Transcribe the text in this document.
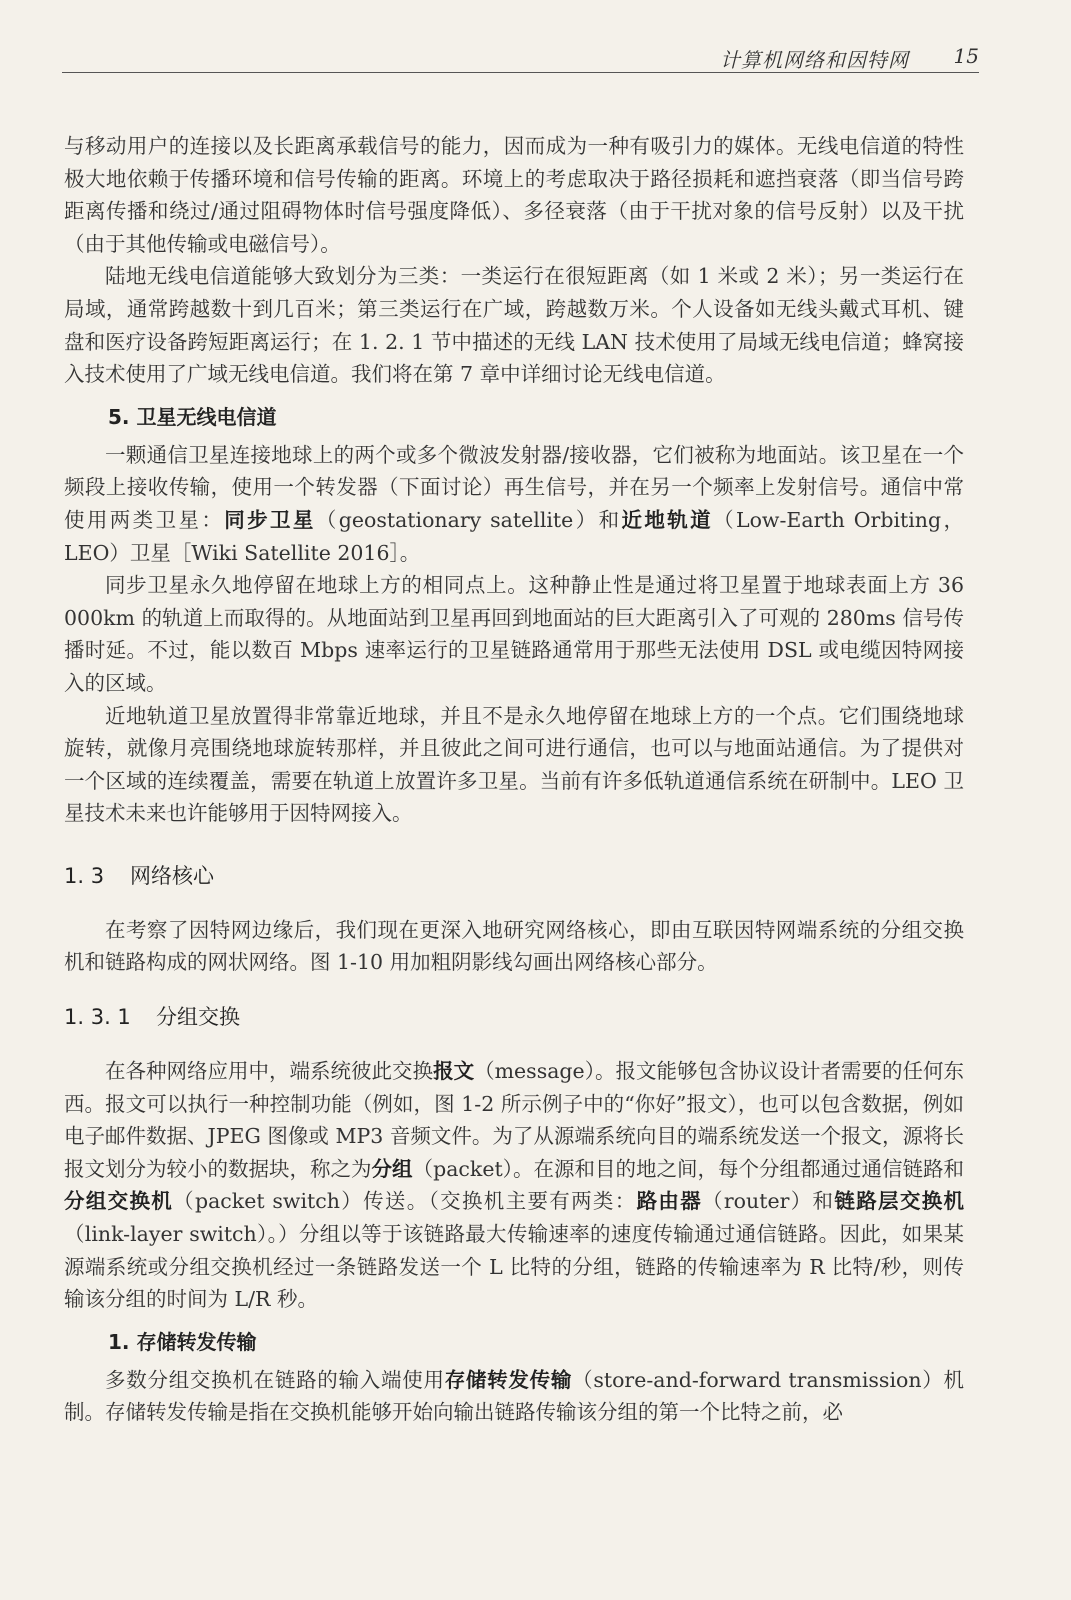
计算机网络和因特网 15

与移动用户的连接以及长距离承载信号的能力，因而成为一种有吸引力的媒体。无线电信道的特性极大地依赖于传播环境和信号传输的距离。环境上的考虑取决于路径损耗和遮挡衰落（即当信号跨距离传播和绕过/通过阻碍物体时信号强度降低）、多径衰落（由于干扰对象的信号反射）以及干扰（由于其他传输或电磁信号）。

陆地无线电信道能够大致划分为三类：一类运行在很短距离（如 1 米或 2 米）；另一类运行在局域，通常跨越数十到几百米；第三类运行在广域，跨越数万米。个人设备如无线头戴式耳机、键盘和医疗设备跨短距离运行；在 1. 2. 1 节中描述的无线 LAN 技术使用了局域无线电信道；蜂窝接入技术使用了广域无线电信道。我们将在第 7 章中详细讨论无线电信道。

5. 卫星无线电信道

一颗通信卫星连接地球上的两个或多个微波发射器/接收器，它们被称为地面站。该卫星在一个频段上接收传输，使用一个转发器（下面讨论）再生信号，并在另一个频率上发射信号。通信中常使用两类卫星：同步卫星（geostationary satellite）和近地轨道（Low-Earth Orbiting，LEO）卫星［Wiki Satellite 2016］。

同步卫星永久地停留在地球上方的相同点上。这种静止性是通过将卫星置于地球表面上方 36 000km 的轨道上而取得的。从地面站到卫星再回到地面站的巨大距离引入了可观的 280ms 信号传播时延。不过，能以数百 Mbps 速率运行的卫星链路通常用于那些无法使用 DSL 或电缆因特网接入的区域。

近地轨道卫星放置得非常靠近地球，并且不是永久地停留在地球上方的一个点。它们围绕地球旋转，就像月亮围绕地球旋转那样，并且彼此之间可进行通信，也可以与地面站通信。为了提供对一个区域的连续覆盖，需要在轨道上放置许多卫星。当前有许多低轨道通信系统在研制中。LEO 卫星技术未来也许能够用于因特网接入。

1. 3 网络核心

在考察了因特网边缘后，我们现在更深入地研究网络核心，即由互联因特网端系统的分组交换机和链路构成的网状网络。图 1-10 用加粗阴影线勾画出网络核心部分。

1. 3. 1 分组交换

在各种网络应用中，端系统彼此交换报文（message）。报文能够包含协议设计者需要的任何东西。报文可以执行一种控制功能（例如，图 1-2 所示例子中的“你好”报文），也可以包含数据，例如电子邮件数据、JPEG 图像或 MP3 音频文件。为了从源端系统向目的端系统发送一个报文，源将长报文划分为较小的数据块，称之为分组（packet）。在源和目的地之间，每个分组都通过通信链路和分组交换机（packet switch）传送。（交换机主要有两类：路由器（router）和链路层交换机（link-layer switch）。）分组以等于该链路最大传输速率的速度传输通过通信链路。因此，如果某源端系统或分组交换机经过一条链路发送一个 L 比特的分组，链路的传输速率为 R 比特/秒，则传输该分组的时间为 L/R 秒。

1. 存储转发传输

多数分组交换机在链路的输入端使用存储转发传输（store-and-forward transmission）机制。存储转发传输是指在交换机能够开始向输出链路传输该分组的第一个比特之前，必
